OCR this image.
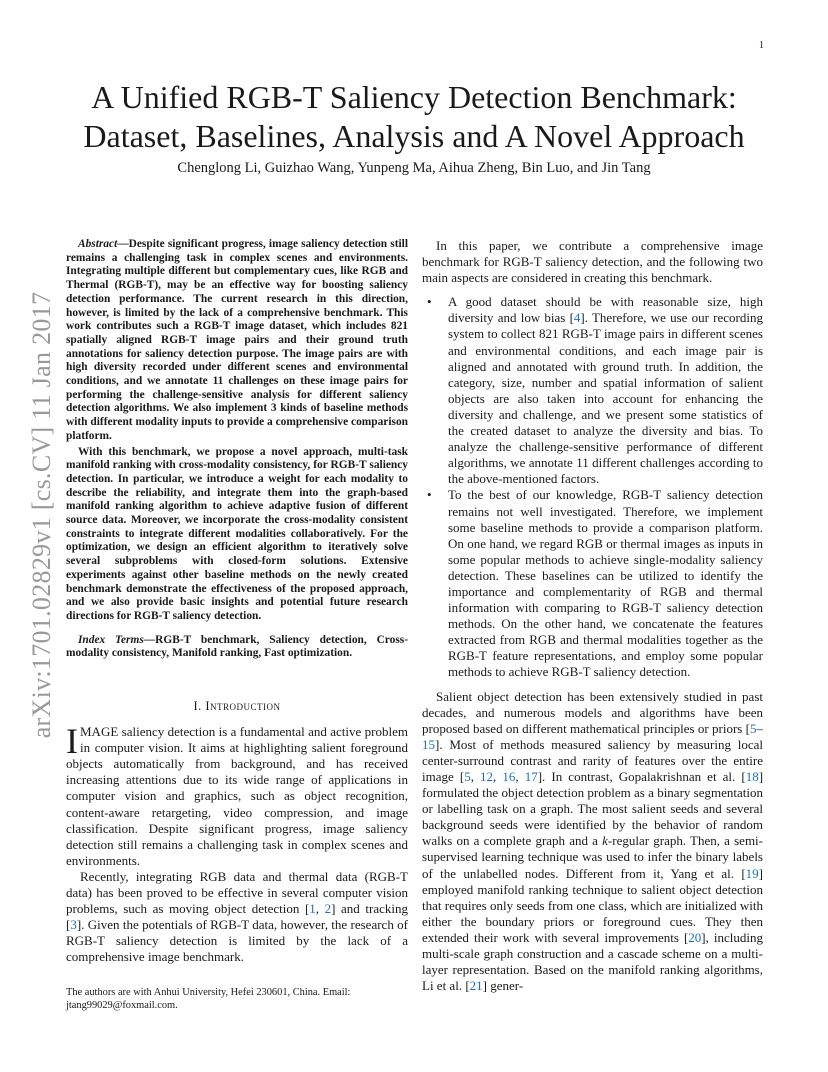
1
A Unified RGB-T Saliency Detection Benchmark:
Dataset, Baselines, Analysis and A Novel Approach
Chenglong Li, Guizhao Wang, Yunpeng Ma, Aihua Zheng, Bin Luo, and Jin Tang
arXiv:1701.02829v1 [cs.CV] 11 Jan 2017

Abstract—Despite significant progress, image saliency detection still remains a challenging task in complex scenes and environments. Integrating multiple different but complementary cues, like RGB and Thermal (RGB-T), may be an effective way for boosting saliency detection performance. The current research in this direction, however, is limited by the lack of a comprehensive benchmark. This work contributes such a RGB-T image dataset, which includes 821 spatially aligned RGB-T image pairs and their ground truth annotations for saliency detection purpose. The image pairs are with high diversity recorded under different scenes and environmental conditions, and we annotate 11 challenges on these image pairs for performing the challenge-sensitive analysis for different saliency detection algorithms. We also implement 3 kinds of baseline methods with different modality inputs to provide a comprehensive comparison platform.

With this benchmark, we propose a novel approach, multi-task manifold ranking with cross-modality consistency, for RGB-T saliency detection. In particular, we introduce a weight for each modality to describe the reliability, and integrate them into the graph-based manifold ranking algorithm to achieve adaptive fusion of different source data. Moreover, we incorporate the cross-modality consistent constraints to integrate different modalities collaboratively. For the optimization, we design an efficient algorithm to iteratively solve several subproblems with closed-form solutions. Extensive experiments against other baseline methods on the newly created benchmark demonstrate the effectiveness of the proposed approach, and we also provide basic insights and potential future research directions for RGB-T saliency detection.

Index Terms—RGB-T benchmark, Saliency detection, Cross-modality consistency, Manifold ranking, Fast optimization.

I. Introduction

IMAGE saliency detection is a fundamental and active problem in computer vision. It aims at highlighting salient foreground objects automatically from background, and has received increasing attentions due to its wide range of applications in computer vision and graphics, such as object recognition, content-aware retargeting, video compression, and image classification. Despite significant progress, image saliency detection still remains a challenging task in complex scenes and environments.

Recently, integrating RGB data and thermal data (RGB-T data) has been proved to be effective in several computer vision problems, such as moving object detection [1, 2] and tracking [3]. Given the potentials of RGB-T data, however, the research of RGB-T saliency detection is limited by the lack of a comprehensive image benchmark.

The authors are with Anhui University, Hefei 230601, China. Email: jtang99029@foxmail.com.

In this paper, we contribute a comprehensive image benchmark for RGB-T saliency detection, and the following two main aspects are considered in creating this benchmark.

• A good dataset should be with reasonable size, high diversity and low bias [4]. Therefore, we use our recording system to collect 821 RGB-T image pairs in different scenes and environmental conditions, and each image pair is aligned and annotated with ground truth. In addition, the category, size, number and spatial information of salient objects are also taken into account for enhancing the diversity and challenge, and we present some statistics of the created dataset to analyze the diversity and bias. To analyze the challenge-sensitive performance of different algorithms, we annotate 11 different challenges according to the above-mentioned factors.
• To the best of our knowledge, RGB-T saliency detection remains not well investigated. Therefore, we implement some baseline methods to provide a comparison platform. On one hand, we regard RGB or thermal images as inputs in some popular methods to achieve single-modality saliency detection. These baselines can be utilized to identify the importance and complementarity of RGB and thermal information with comparing to RGB-T saliency detection methods. On the other hand, we concatenate the features extracted from RGB and thermal modalities together as the RGB-T feature representations, and employ some popular methods to achieve RGB-T saliency detection.

Salient object detection has been extensively studied in past decades, and numerous models and algorithms have been proposed based on different mathematical principles or priors [5–15]. Most of methods measured saliency by measuring local center-surround contrast and rarity of features over the entire image [5, 12, 16, 17]. In contrast, Gopalakrishnan et al. [18] formulated the object detection problem as a binary segmentation or labelling task on a graph. The most salient seeds and several background seeds were identified by the behavior of random walks on a complete graph and a k-regular graph. Then, a semi-supervised learning technique was used to infer the binary labels of the unlabelled nodes. Different from it, Yang et al. [19] employed manifold ranking technique to salient object detection that requires only seeds from one class, which are initialized with either the boundary priors or foreground cues. They then extended their work with several improvements [20], including multi-scale graph construction and a cascade scheme on a multi-layer representation. Based on the manifold ranking algorithms, Li et al. [21] gener-
